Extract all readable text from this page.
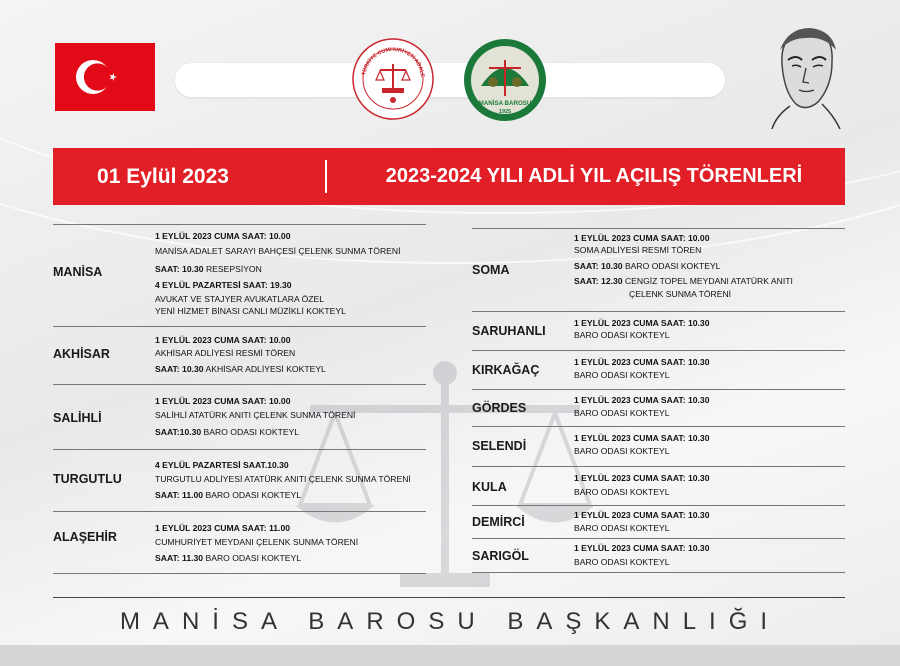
TÜRKİYE CUMHURİYETİ ADALE
MANİSA BAROSU
1925
01 Eylül 2023	2023-2024 YILI ADLİ YIL AÇILIŞ TÖRENLERİ
MANİSA
1 EYLÜL 2023 CUMA SAAT: 10.00
MANİSA ADALET SARAYI BAHÇESİ ÇELENK SUNMA TÖRENİ
SAAT: 10.30 RESEPSİYON
4 EYLÜL PAZARTESİ SAAT: 19.30
AVUKAT VE STAJYER AVUKATLARA ÖZEL
YENİ HİZMET BİNASI CANLI MÜZİKLİ KOKTEYL
AKHİSAR
1 EYLÜL 2023 CUMA SAAT: 10.00
AKHİSAR ADLİYESİ RESMİ TÖREN
SAAT: 10.30 AKHİSAR ADLİYESİ KOKTEYL
SALİHLİ
1 EYLÜL 2023 CUMA SAAT: 10.00
SALİHLİ ATATÜRK ANITI ÇELENK SUNMA TÖRENİ
SAAT:10.30 BARO ODASI KOKTEYL
TURGUTLU
4 EYLÜL PAZARTESİ SAAT.10.30
TURGUTLU ADLİYESİ ATATÜRK ANITI ÇELENK SUNMA TÖRENİ
SAAT: 11.00 BARO ODASI KOKTEYL
ALAŞEHİR
1 EYLÜL 2023 CUMA SAAT: 11.00
CUMHURİYET MEYDANI ÇELENK SUNMA TÖRENİ
SAAT: 11.30 BARO ODASI KOKTEYL
SOMA
1 EYLÜL 2023 CUMA SAAT: 10.00
SOMA ADLİYESİ RESMİ TÖREN
SAAT: 10.30 BARO ODASI KOKTEYL
SAAT: 12.30 CENGİZ TOPEL MEYDANI ATATÜRK ANITI
ÇELENK SUNMA TÖRENİ
SARUHANLI
1 EYLÜL 2023 CUMA SAAT: 10.30
BARO ODASI KOKTEYL
KIRKAĞAÇ
1 EYLÜL 2023 CUMA SAAT: 10.30
BARO ODASI KOKTEYL
GÖRDES
1 EYLÜL 2023 CUMA SAAT: 10.30
BARO ODASI KOKTEYL
SELENDİ
1 EYLÜL 2023 CUMA SAAT: 10.30
BARO ODASI KOKTEYL
KULA
1 EYLÜL 2023 CUMA SAAT: 10.30
BARO ODASI KOKTEYL
DEMİRCİ	1 EYLÜL 2023 CUMA SAAT: 10.30
BARO ODASI KOKTEYL
SARIGÖL
1 EYLÜL 2023 CUMA SAAT: 10.30
BARO ODASI KOKTEYL
MANİSA BAROSU BAŞKANLIĞI
